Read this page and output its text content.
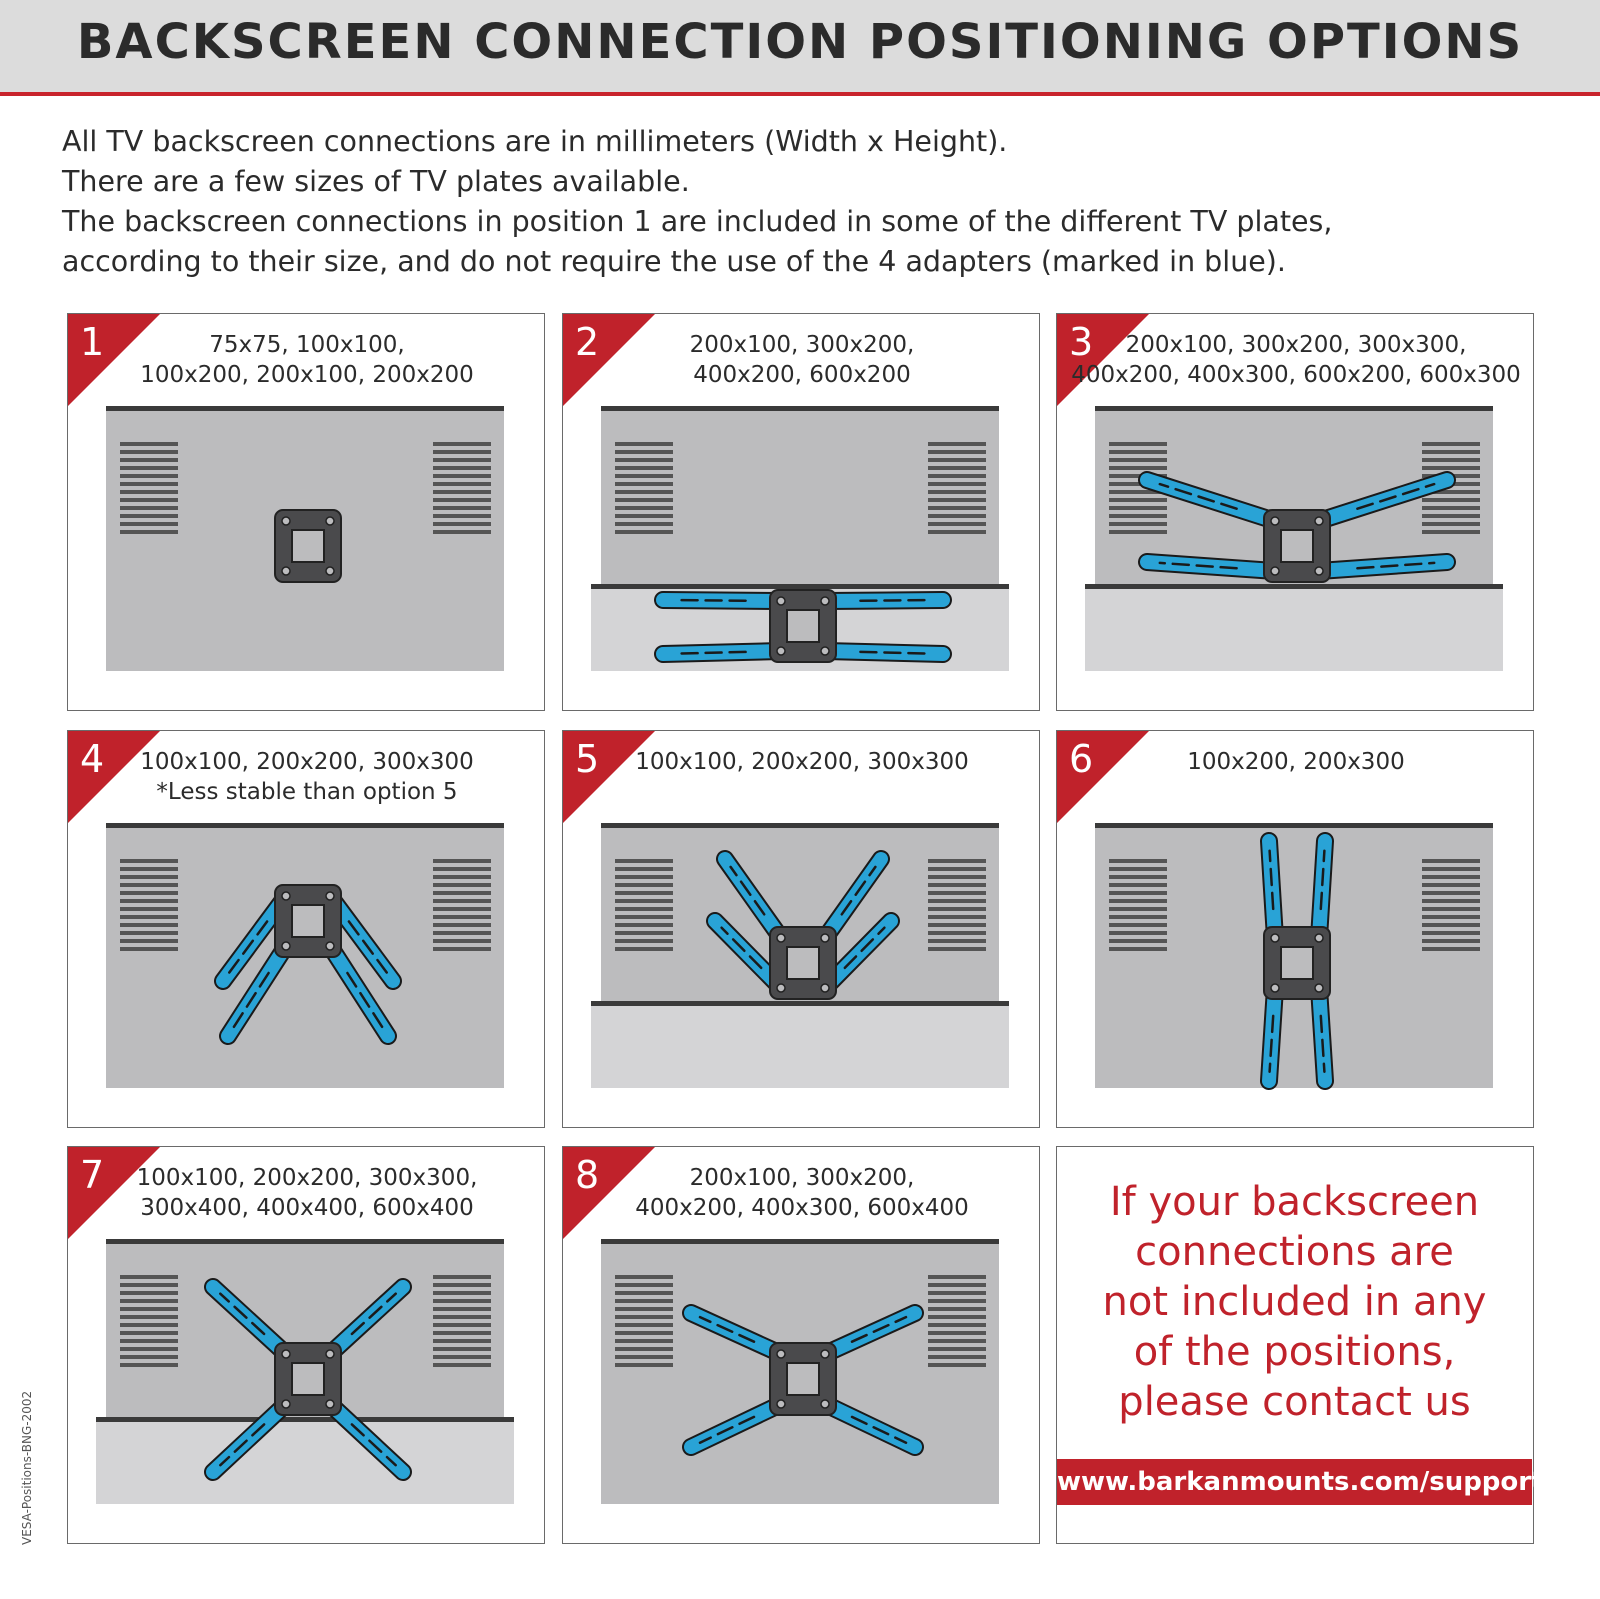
BACKSCREEN CONNECTION POSITIONING OPTIONS
All TV backscreen connections are in millimeters (Width x Height).
There are a few sizes of TV plates available.
The backscreen connections in position 1 are included in some of the different TV plates,
according to their size, and do not require the use of the 4 adapters (marked in blue).
1	75x75, 100x100,
100x200, 200x100, 200x200
2	200x100, 300x200,
400x200, 600x200
3	200x100, 300x200, 300x300,
400x200, 400x300, 600x200, 600x300
4	100x100, 200x200, 300x300
*Less stable than option 5
5	100x100, 200x200, 300x300	6	100x200, 200x300
7	100x100, 200x200, 300x300,
300x400, 400x400, 600x400
8	200x100, 300x200,
400x200, 400x300, 600x400	If your backscreen
connections are
not included in any
of the positions,
please contact us
www.barkanmounts.com/support
VESA-Positions-BNG-2002
